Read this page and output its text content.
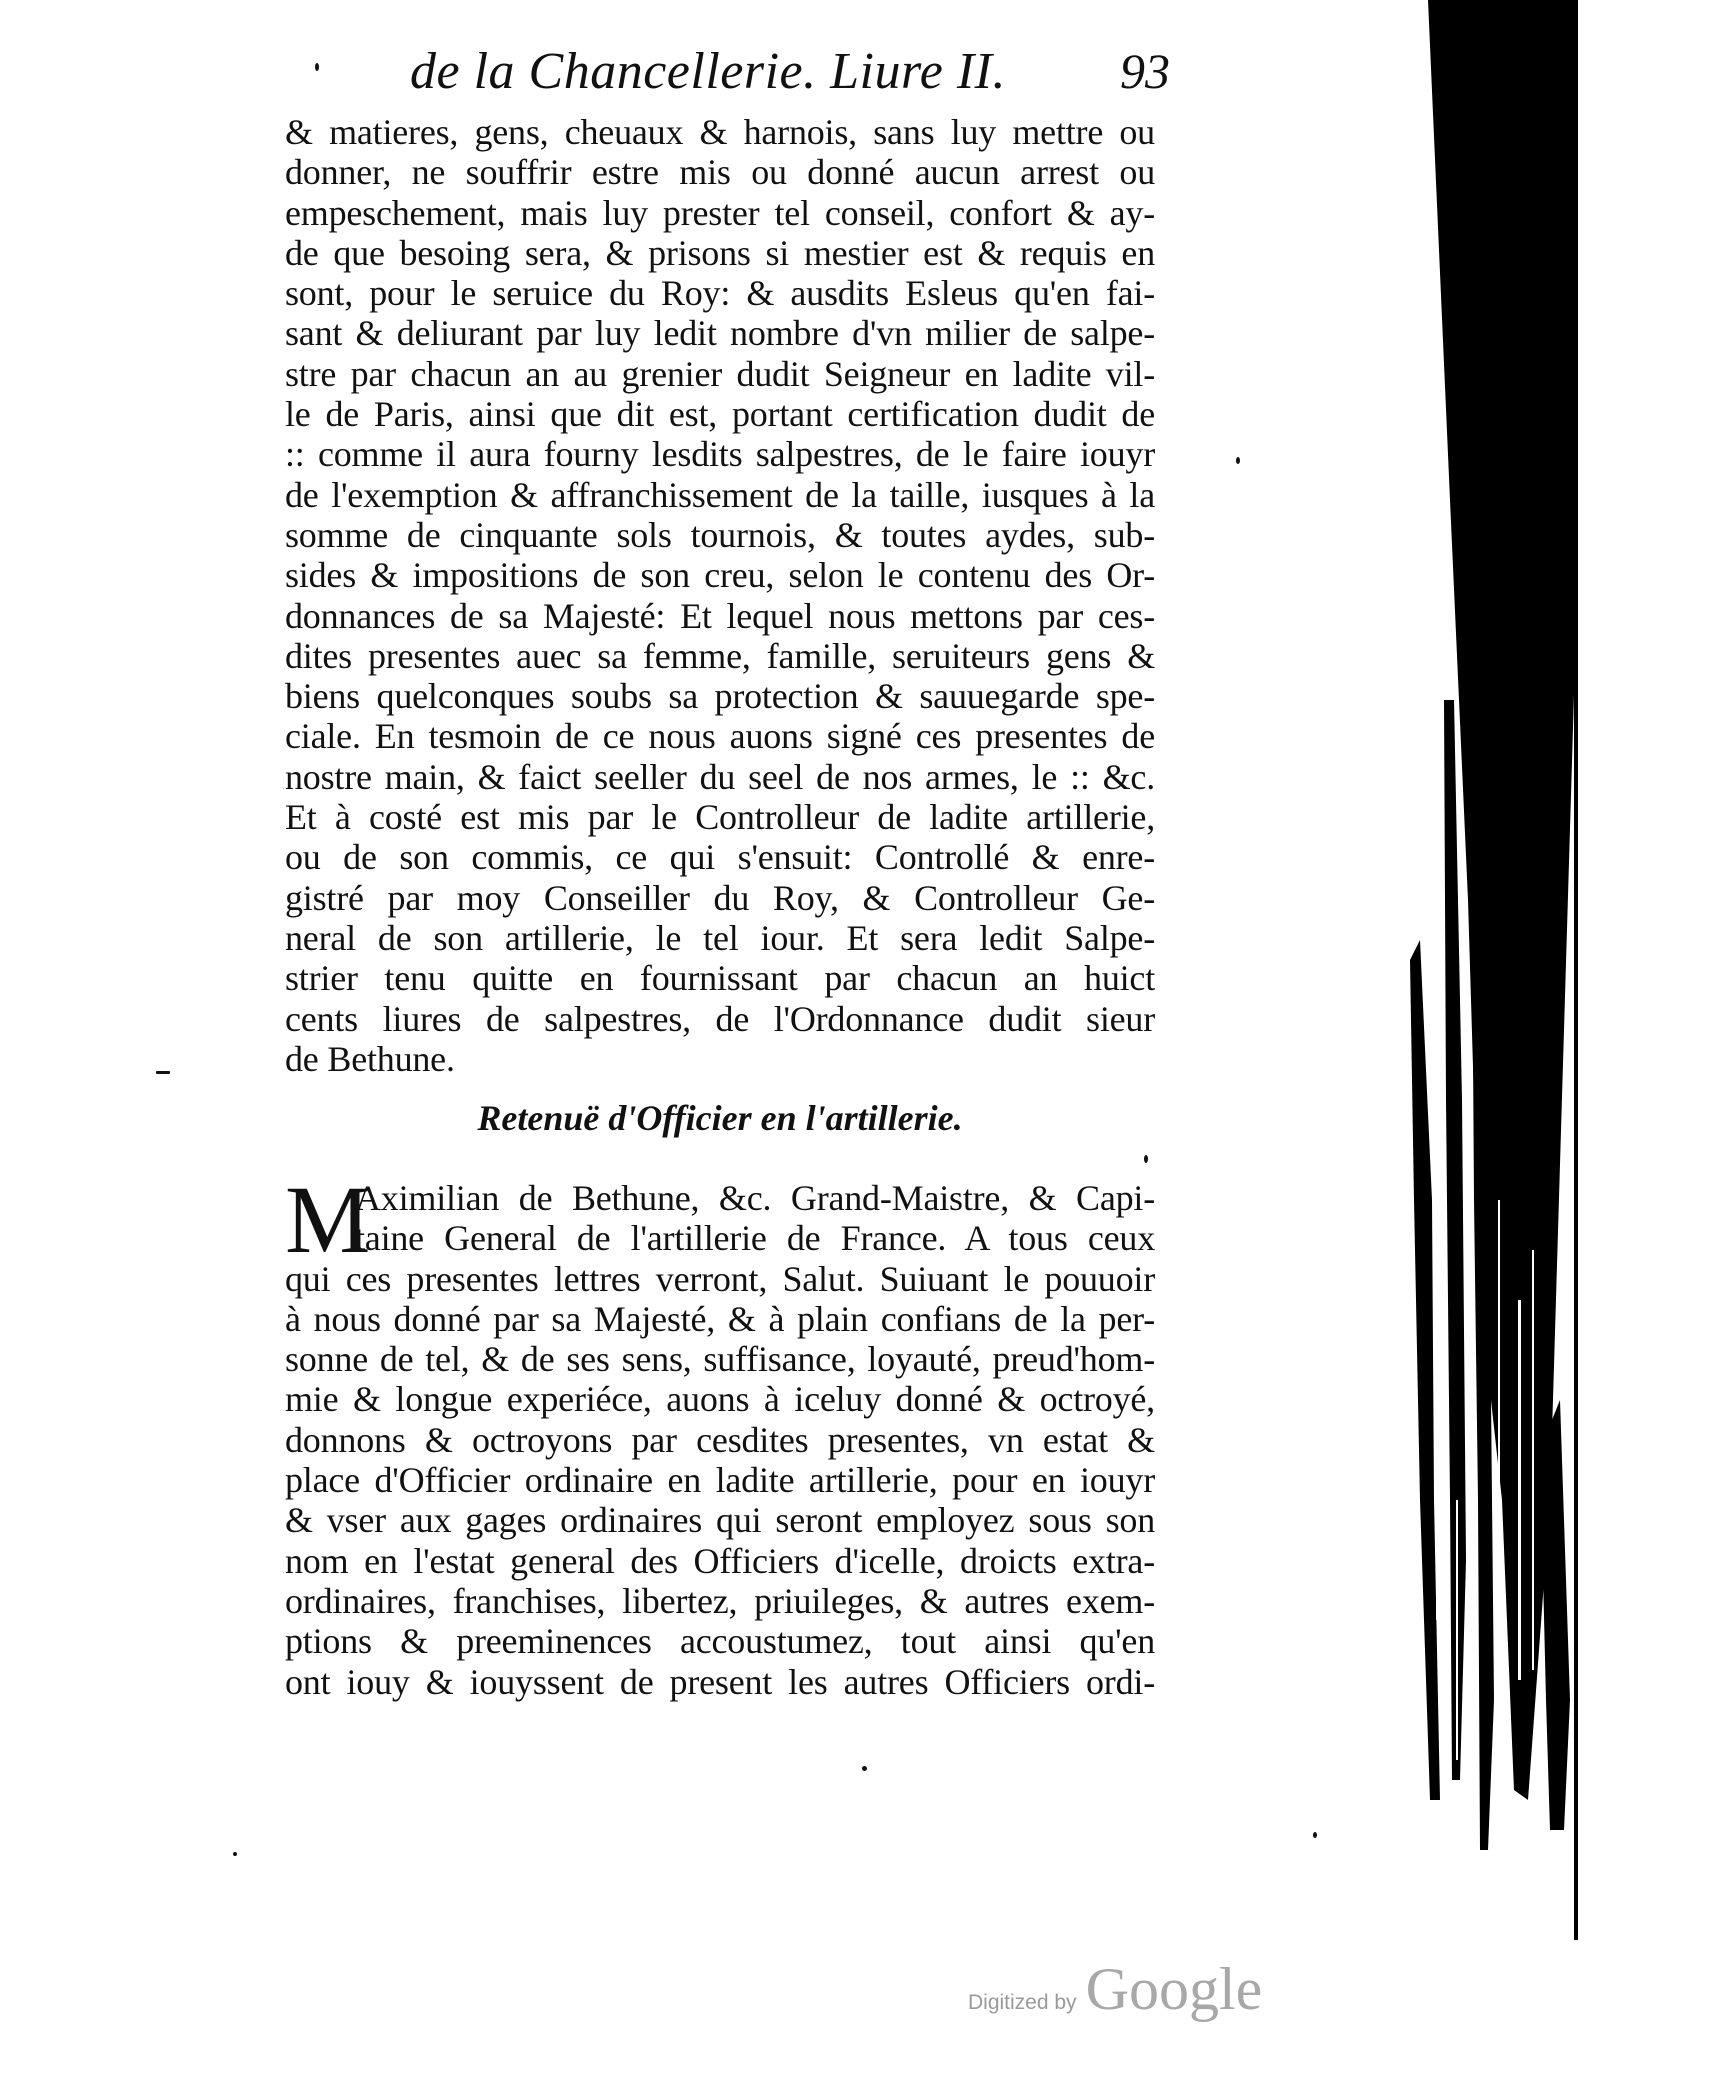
de la Chancellerie. Liure II. 93
& matieres, gens, cheuaux & harnois, sans luy mettre ou
donner, ne souffrir estre mis ou donné aucun arrest ou
empeschement, mais luy prester tel conseil, confort & ay-
de que besoing sera, & prisons si mestier est & requis en
sont, pour le seruice du Roy: & ausdits Esleus qu'en fai-
sant & deliurant par luy ledit nombre d'vn milier de salpe-
stre par chacun an au grenier dudit Seigneur en ladite vil-
le de Paris, ainsi que dit est, portant certification dudit de
:: comme il aura fourny lesdits salpestres, de le faire iouyr
de l'exemption & affranchissement de la taille, iusques à la
somme de cinquante sols tournois, & toutes aydes, sub-
sides & impositions de son creu, selon le contenu des Or-
donnances de sa Majesté: Et lequel nous mettons par ces-
dites presentes auec sa femme, famille, seruiteurs gens &
biens quelconques soubs sa protection & sauuegarde spe-
ciale. En tesmoin de ce nous auons signé ces presentes de
nostre main, & faict seeller du seel de nos armes, le :: &c.
Et à costé est mis par le Controlleur de ladite artillerie,
ou de son commis, ce qui s'ensuit: Controllé & enre-
gistré par moy Conseiller du Roy, & Controlleur Ge-
neral de son artillerie, le tel iour. Et sera ledit Salpe-
strier tenu quitte en fournissant par chacun an huict
cents liures de salpestres, de l'Ordonnance dudit sieur
de Bethune.
Retenuë d'Officier en l'artillerie.
M
Aximilian de Bethune, &c. Grand-Maistre, & Capi-
taine General de l'artillerie de France. A tous ceux
qui ces presentes lettres verront, Salut. Suiuant le pouuoir
à nous donné par sa Majesté, & à plain confians de la per-
sonne de tel, & de ses sens, suffisance, loyauté, preud'hom-
mie & longue experiéce, auons à iceluy donné & octroyé,
donnons & octroyons par cesdites presentes, vn estat &
place d'Officier ordinaire en ladite artillerie, pour en iouyr
& vser aux gages ordinaires qui seront employez sous son
nom en l'estat general des Officiers d'icelle, droicts extra-
ordinaires, franchises, libertez, priuileges, & autres exem-
ptions & preeminences accoustumez, tout ainsi qu'en
ont iouy & iouyssent de present les autres Officiers ordi-
Digitized by Google
